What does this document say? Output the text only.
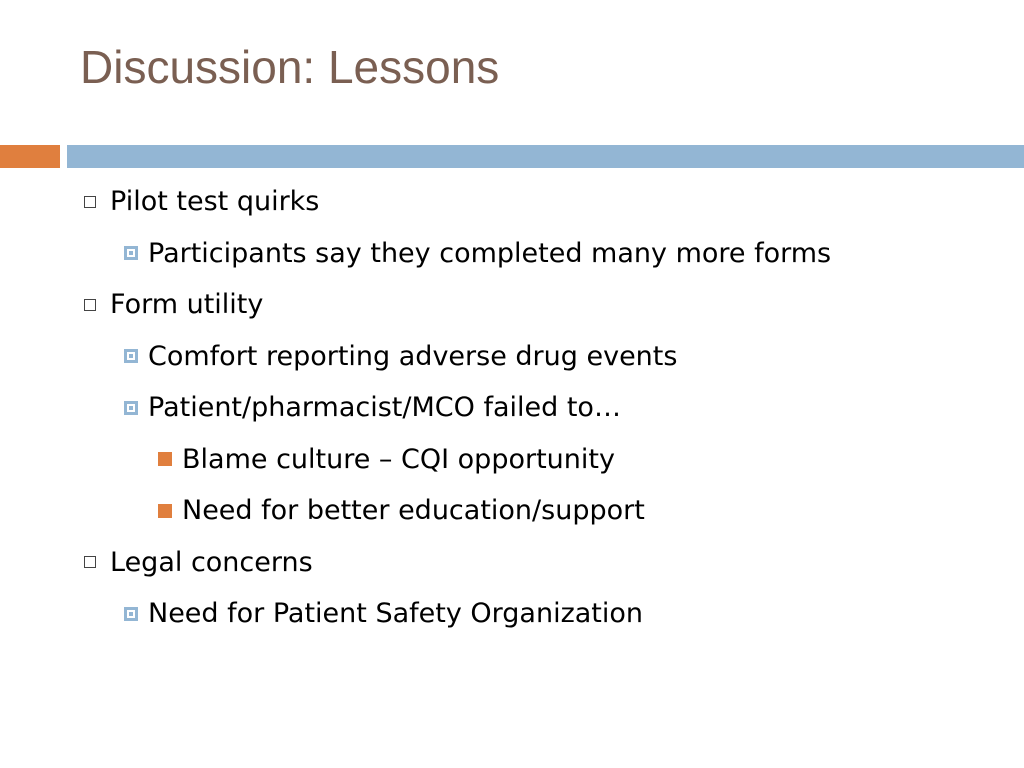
Discussion: Lessons
Pilot test quirks
Participants say they completed many more forms
Form utility
Comfort reporting adverse drug events
Patient/pharmacist/MCO failed to…
Blame culture – CQI opportunity
Need for better education/support
Legal concerns
Need for Patient Safety Organization
